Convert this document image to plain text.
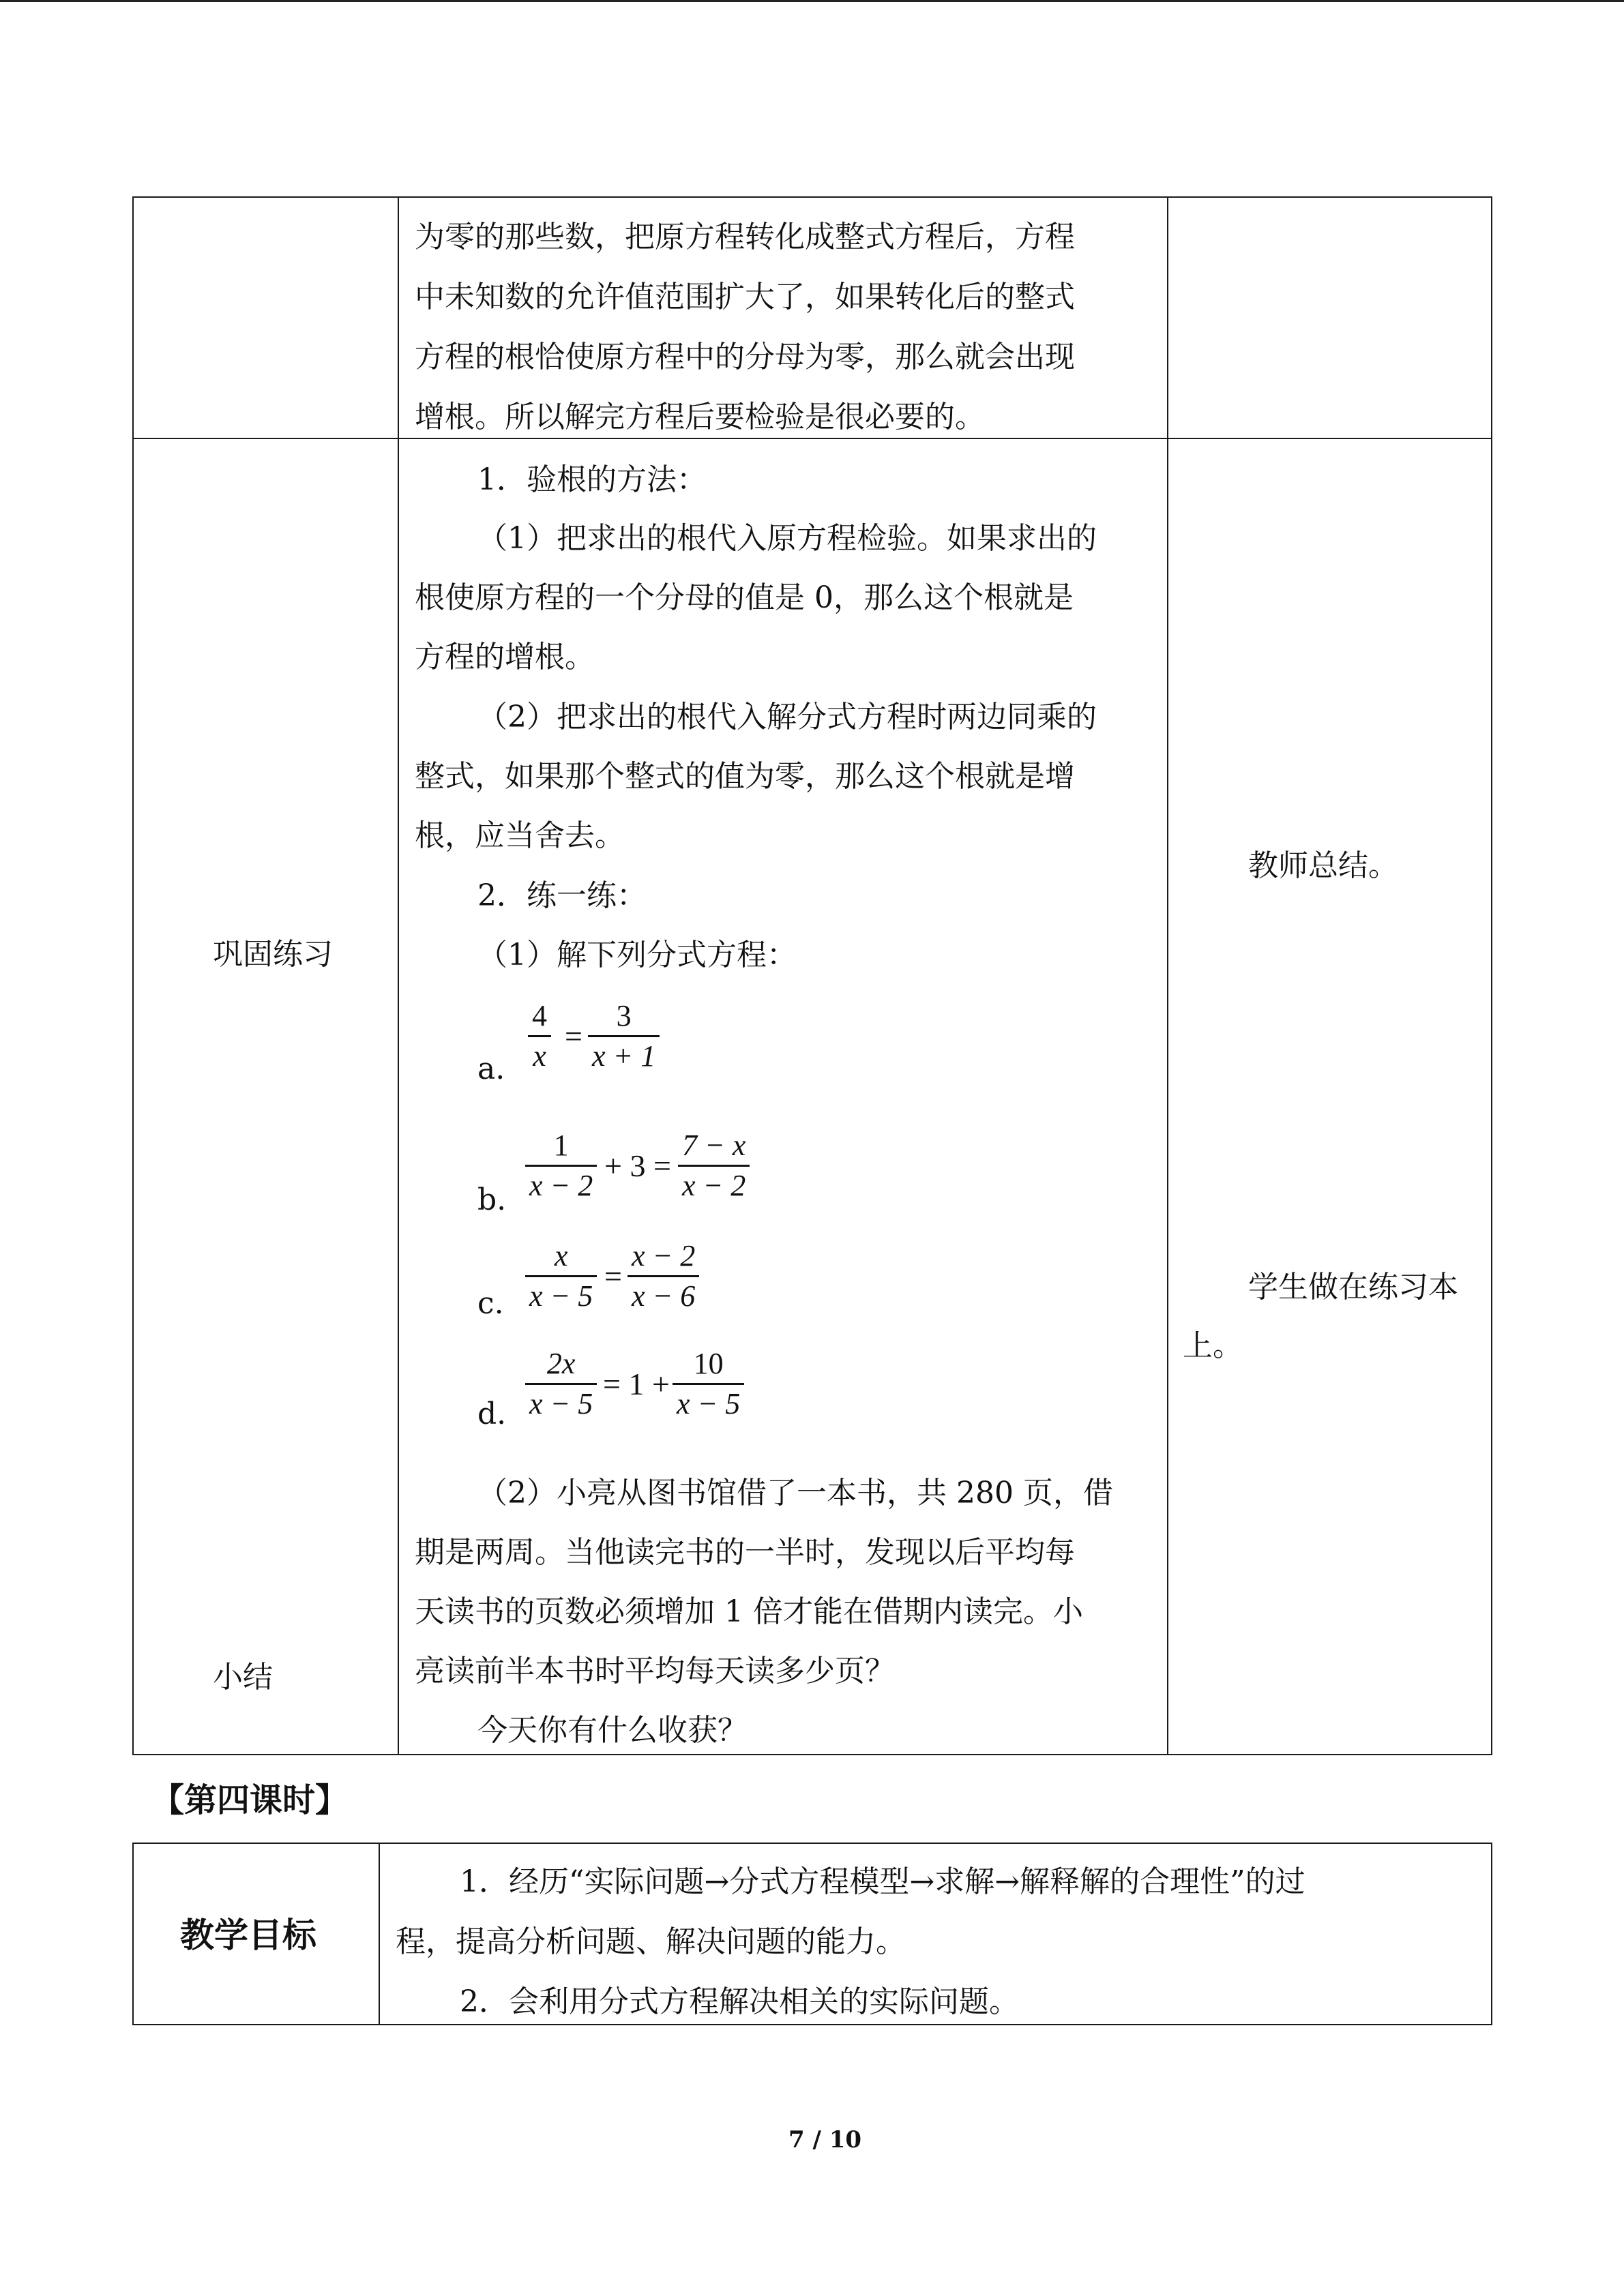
为零的那些数，把原方程转化成整式方程后，方程
中未知数的允许值范围扩大了，如果转化后的整式
方程的根恰使原方程中的分母为零，那么就会出现
增根。所以解完方程后要检验是很必要的。
巩固练习
小结
1．验根的方法：
（1）把求出的根代入原方程检验。如果求出的
根使原方程的一个分母的值是 0，那么这个根就是
方程的增根。
（2）把求出的根代入解分式方程时两边同乘的
整式，如果那个整式的值为零，那么这个根就是增
根，应当舍去。
2．练一练：
（1）解下列分式方程：
a.
4
x
=
3
x + 1
b.
1
x − 2
+ 3 =
7 − x
x − 2
c.
x
x − 5
=
x − 2
x − 6
d.
2x
x − 5
= 1 +
10
x − 5
（2）小亮从图书馆借了一本书，共 280 页，借
期是两周。当他读完书的一半时，发现以后平均每
天读书的页数必须增加 1 倍才能在借期内读完。小
亮读前半本书时平均每天读多少页？
今天你有什么收获？
教师总结。
学生做在练习本
上。
【第四课时】
教学目标
1．经历“实际问题→分式方程模型→求解→解释解的合理性”的过
程，提高分析问题、解决问题的能力。
2．会利用分式方程解决相关的实际问题。
7 / 10
